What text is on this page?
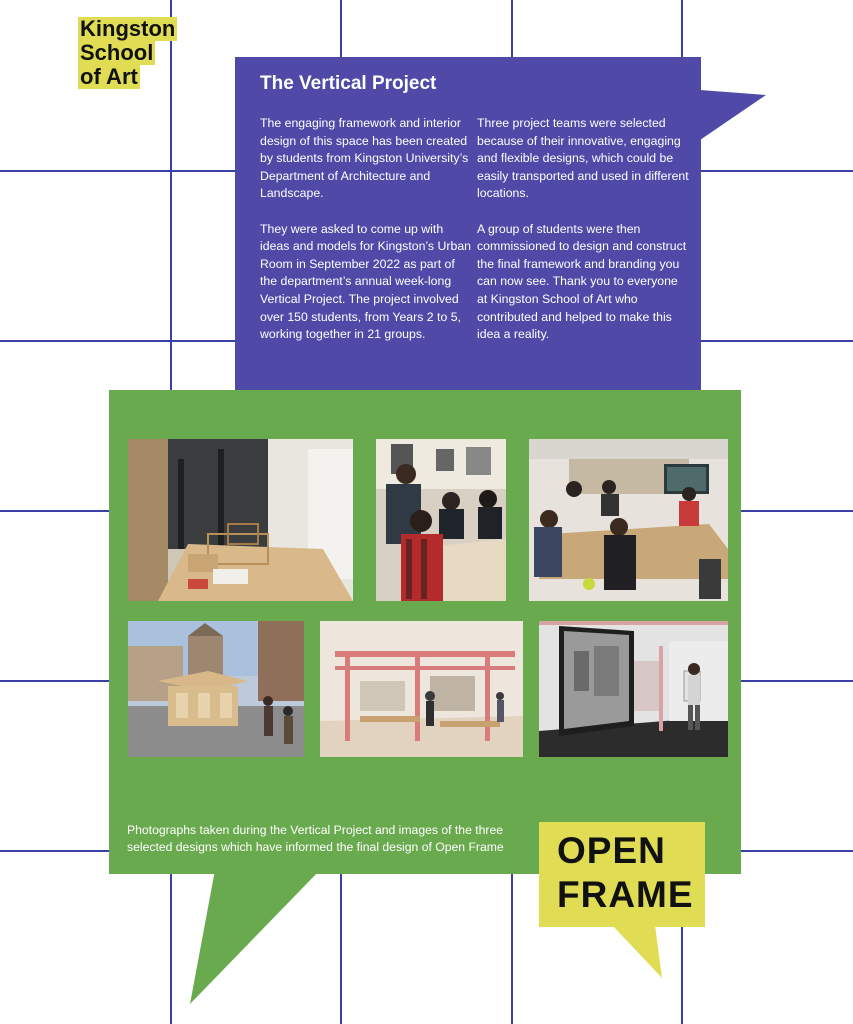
Kingston
School
of Art	The Vertical Project

The engaging framework and interior design of this space has been created by students from Kingston University’s Department of Architecture and Landscape.

They were asked to come up with ideas and models for Kingston’s Urban Room in September 2022 as part of the department’s annual week-long Vertical Project. The project involved over 150 students, from Years 2 to 5, working together in 21 groups.

Three project teams were selected because of their innovative, engaging and flexible designs, which could be easily transported and used in different locations.

A group of students were then commissioned to design and construct the final framework and branding you can now see. Thank you to everyone at Kingston School of Art who contributed and helped to make this idea a reality.

Photographs taken during the Vertical Project and images of the three selected designs which have informed the final design of Open Frame	OPEN
FRAME
